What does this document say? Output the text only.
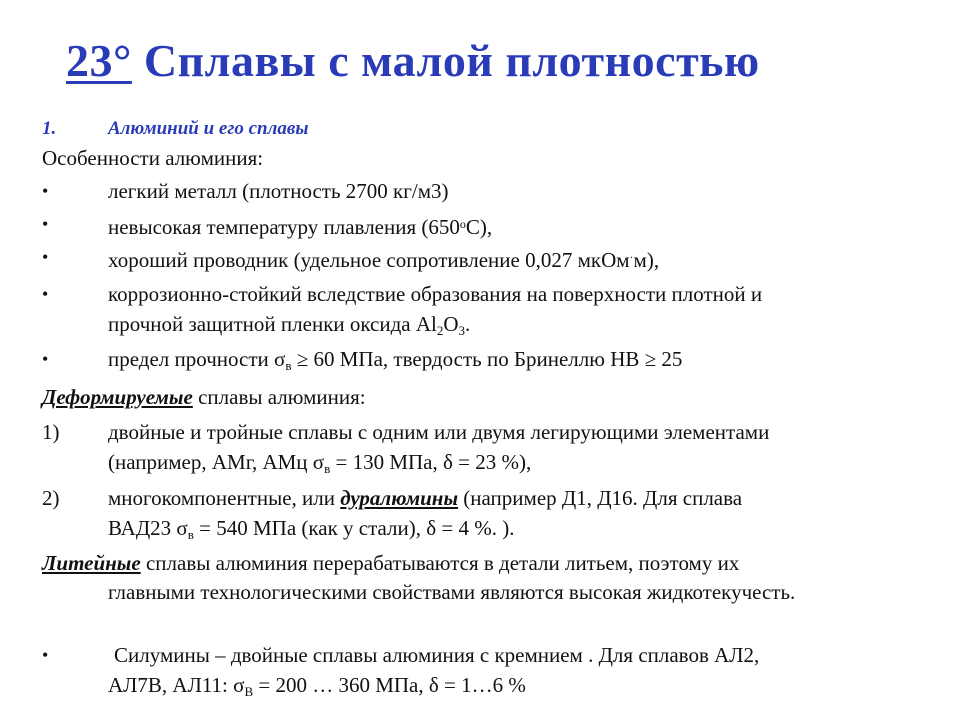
23° Сплавы с малой плотностью
1.	Алюминий и его сплавы
Особенности алюминия:
•	легкий металл (плотность 2700 кг/м3)
•	невысокая температуру плавления $(650^оС)$,
•	хороший проводник (удельное сопротивление 0,027 мкОм·м),
•	коррозионно-стойкий вследствие образования на поверхности плотной и
прочной защитной пленки оксида $Al_2O_3$.
•	предел прочности $\sigma_в \ge 60$ МПа, твердость по Бринеллю НВ ≥ 25
Деформируемые сплавы алюминия:
1) двойные и тройные сплавы с одним или двумя легирующими элементами
(например, АМг, АМц $\sigma_в = 130$ МПа, δ = 23 %),
2) многокомпонентные, или дуралюмины (например Д1, Д16. Для сплава
ВАД23 $\sigma_в = 540$ МПа (как у стали), δ = 4 %. ).
Литейные сплавы алюминия перерабатываются в детали литьем, поэтому их
главными технологическими свойствами являются высокая жидкотекучесть.
•	Силумины – двойные сплавы алюминия с кремнием . Для сплавов АЛ2,
АЛ7В, АЛ11: $\sigma_В = 200$ … 360 МПа, δ = 1…6 %
